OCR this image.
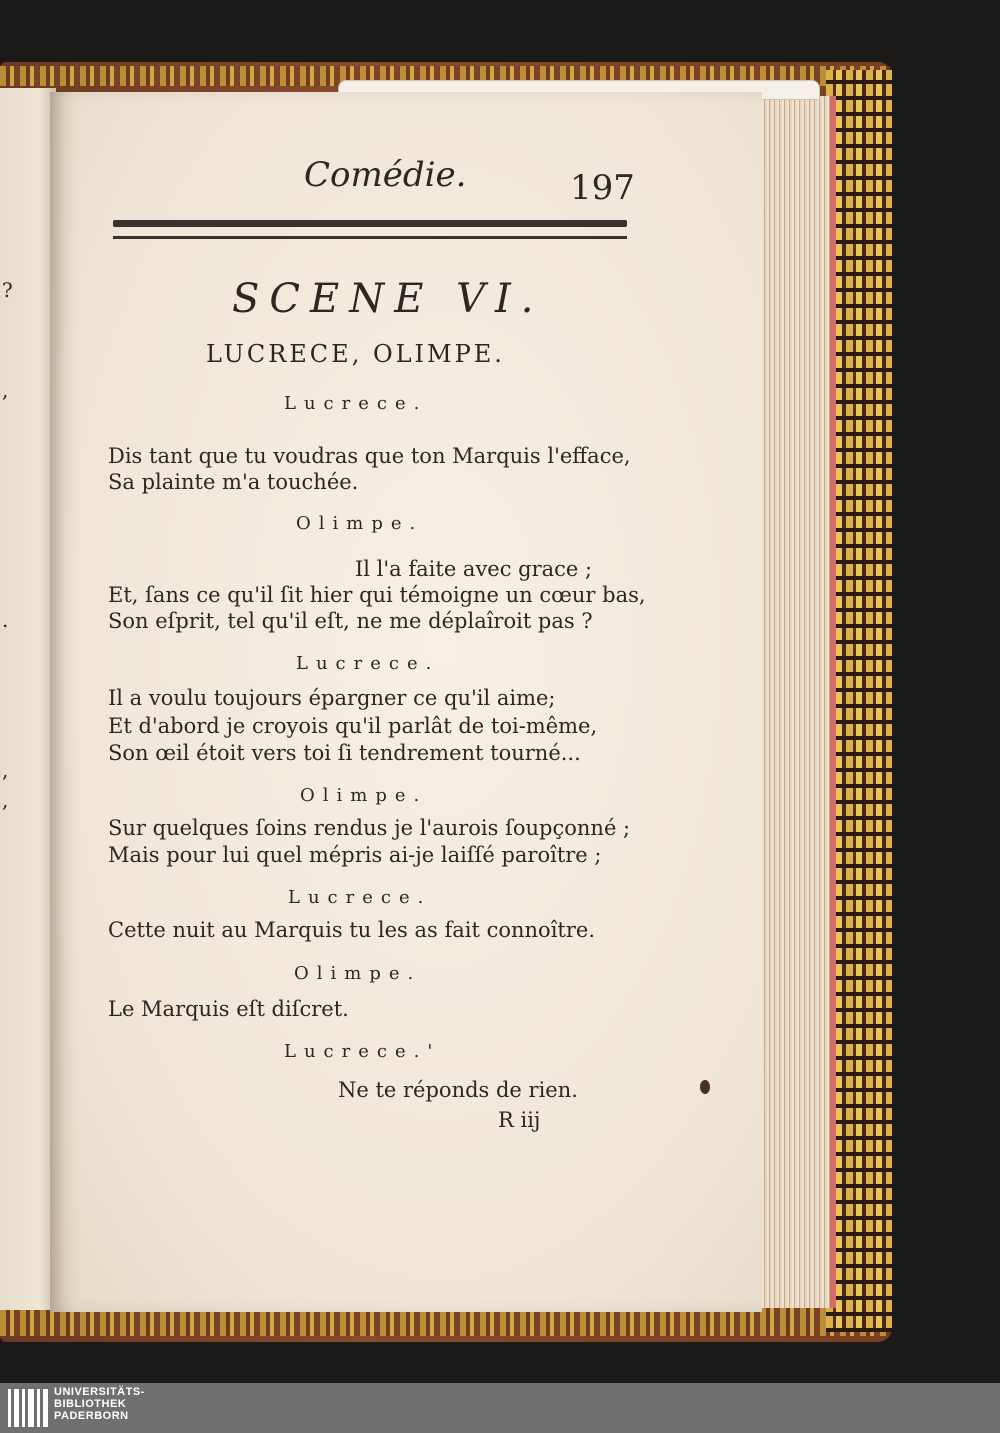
?
,
,
,
.
Comédie.	197
SCENE VI.
LUCRECE, OLIMPE.
Lucrece.
Dis tant que tu voudras que ton Marquis l'efface,
Sa plainte m'a touchée.
Olimpe.
Il l'a faite avec grace ;
Et, ſans ce qu'il ſit hier qui témoigne un cœur bas,
Son eſprit, tel qu'il eſt, ne me déplaîroit pas ?
Lucrece.
Il a voulu toujours épargner ce qu'il aime;
Et d'abord je croyois qu'il parlât de toi-même,
Son œil étoit vers toi ſi tendrement tourné...
Olimpe.
Sur quelques ſoins rendus je l'aurois ſoupçonné ;
Mais pour lui quel mépris ai-je laiſſé paroître ;
Lucrece.
Cette nuit au Marquis tu les as fait connoître.
Olimpe.
Le Marquis eſt diſcret.
Lucrece.'
Ne te réponds de rien.
R iij
UNIVERSITÄTS-
BIBLIOTHEK
PADERBORN
